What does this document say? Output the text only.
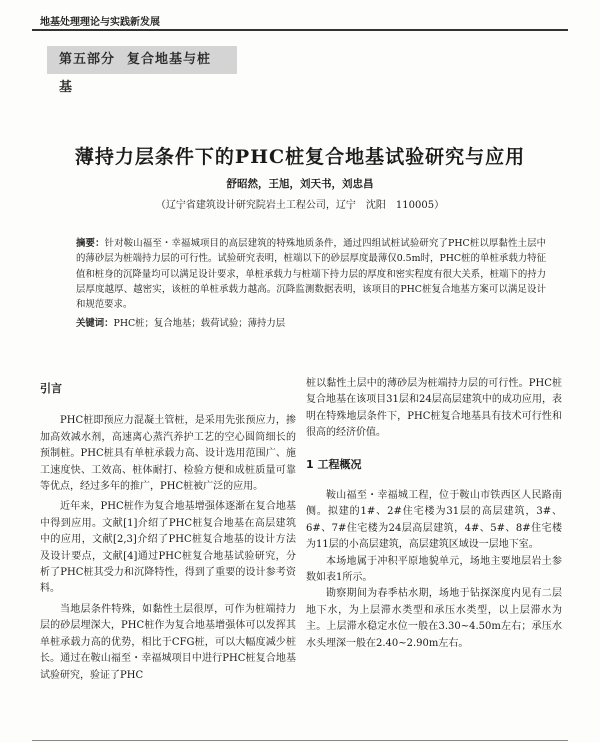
地基处理理论与实践新发展
第五部分 复合地基与桩基
薄持力层条件下的PHC桩复合地基试验研究与应用
舒昭然，王旭，刘天书，刘忠昌
（辽宁省建筑设计研究院岩土工程公司，辽宁　沈阳　110005）
摘要：针对鞍山福至・幸福城项目的高层建筑的特殊地质条件，通过四组试桩试验研究了PHC桩以厚黏性土层中的薄砂层为桩端持力层的可行性。试验研究表明，桩端以下的砂层厚度最薄仅0.5m时，PHC桩的单桩承载力特征值和桩身的沉降量均可以满足设计要求，单桩承载力与桩端下持力层的厚度和密实程度有很大关系，桩端下的持力层厚度越厚、越密实，该桩的单桩承载力越高。沉降监测数据表明，该项目的PHC桩复合地基方案可以满足设计和规范要求。
关键词：PHC桩；复合地基；载荷试验；薄持力层
引言

PHC桩即预应力混凝土管桩，是采用先张预应力，掺加高效减水剂，高速离心蒸汽养护工艺的空心圆筒细长的预制桩。PHC桩具有单桩承载力高、设计选用范围广、施工速度快、工效高、桩体耐打、检验方便和成桩质量可靠等优点，经过多年的推广，PHC桩被广泛的应用。

近年来，PHC桩作为复合地基增强体逐渐在复合地基中得到应用。文献[1]介绍了PHC桩复合地基在高层建筑中的应用，文献[2,3]介绍了PHC桩复合地基的设计方法及设计要点，文献[4]通过PHC桩复合地基试验研究，分析了PHC桩其受力和沉降特性，得到了重要的设计参考资料。

当地层条件特殊，如黏性土层很厚，可作为桩端持力层的砂层埋深大，PHC桩作为复合地基增强体可以发挥其单桩承载力高的优势，相比于CFG桩，可以大幅度减少桩长。通过在鞍山福至・幸福城项目中进行PHC桩复合地基试验研究，验证了PHC

桩以黏性土层中的薄砂层为桩端持力层的可行性。PHC桩复合地基在该项目31层和24层高层建筑中的成功应用，表明在特殊地层条件下，PHC桩复合地基具有技术可行性和很高的经济价值。

1 工程概况

鞍山福至・幸福城工程，位于鞍山市铁西区人民路南侧。拟建的1#、2#住宅楼为31层的高层建筑，3#、6#、7#住宅楼为24层高层建筑，4#、5#、8#住宅楼为11层的小高层建筑，高层建筑区域设一层地下室。

本场地属于冲积平原地貌单元，场地主要地层岩土参数如表1所示。

勘察期间为春季枯水期，场地于钻探深度内见有二层地下水，为上层滞水类型和承压水类型，以上层滞水为主。上层滞水稳定水位一般在3.30~4.50m左右；承压水水头埋深一般在2.40~2.90m左右。
